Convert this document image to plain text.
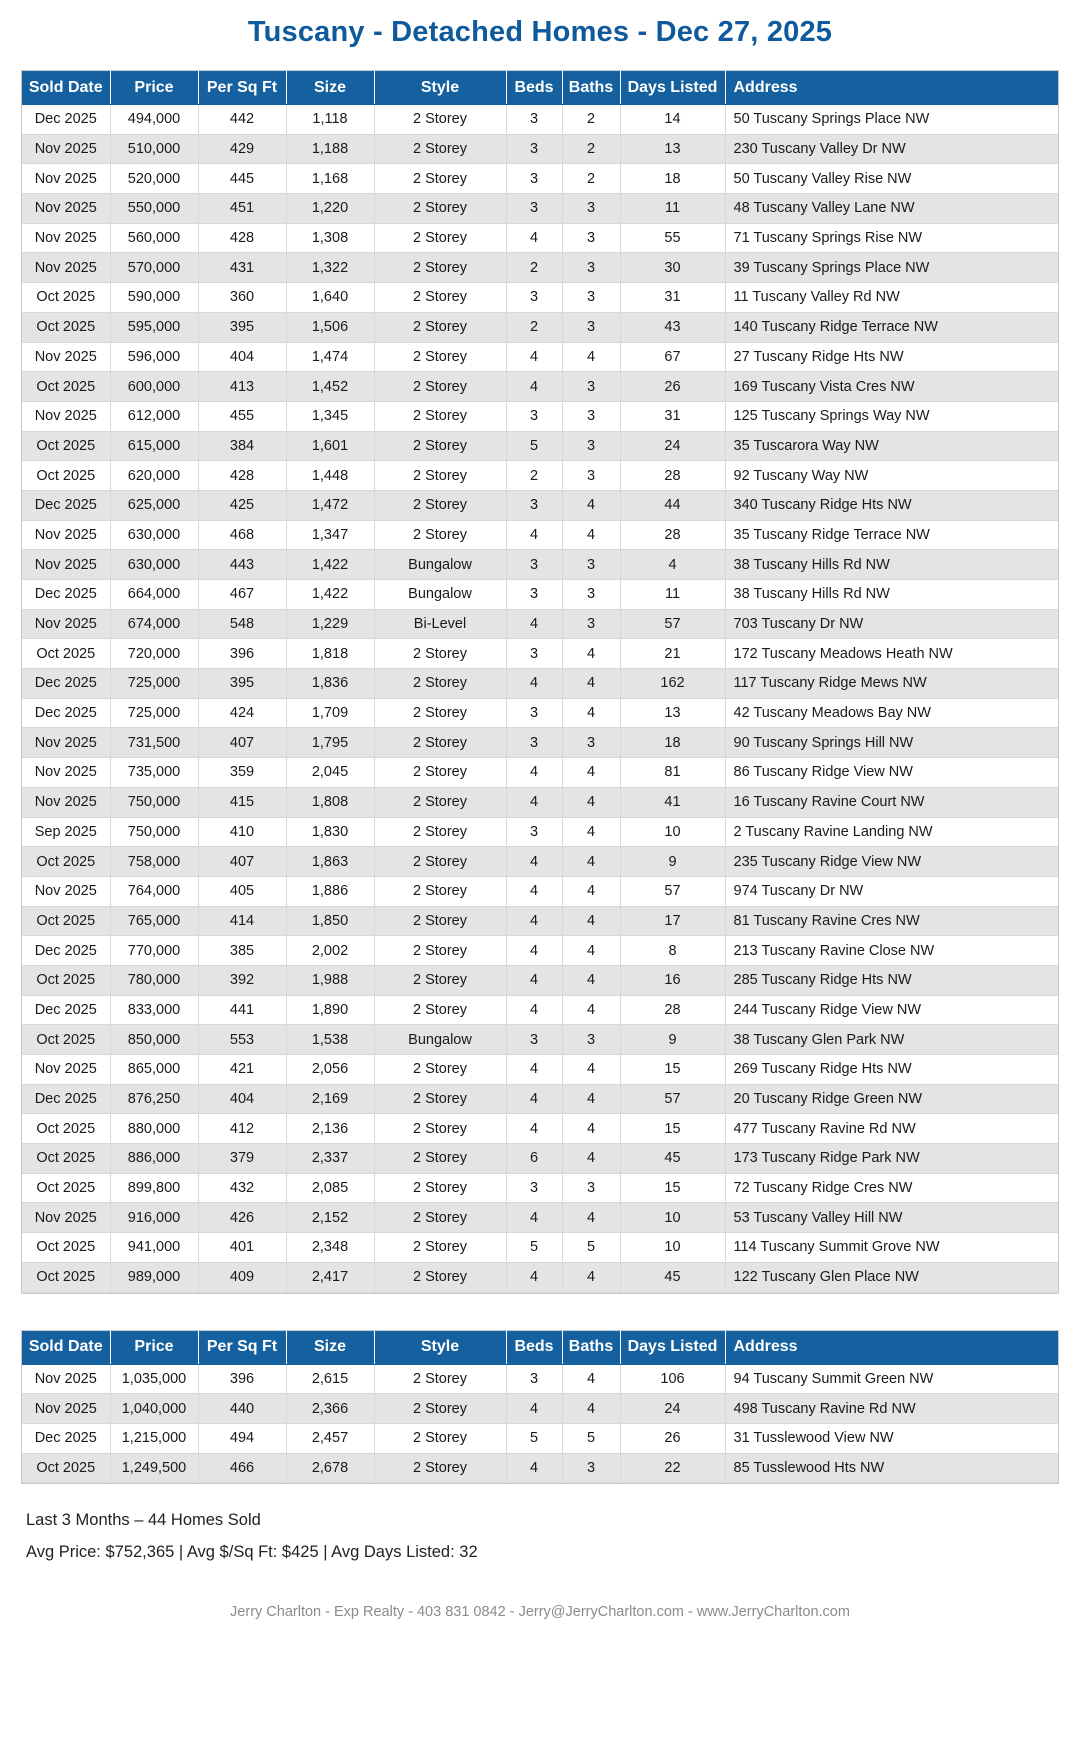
Tuscany - Detached Homes - Dec 27, 2025
Sold Date	Price	Per Sq Ft	Size	Style	Beds	Baths	Days Listed	Address
Dec 2025	494,000	442	1,118	2 Storey	3	2	14	50 Tuscany Springs Place NW
Nov 2025	510,000	429	1,188	2 Storey	3	2	13	230 Tuscany Valley Dr NW
Nov 2025	520,000	445	1,168	2 Storey	3	2	18	50 Tuscany Valley Rise NW
Nov 2025	550,000	451	1,220	2 Storey	3	3	11	48 Tuscany Valley Lane NW
Nov 2025	560,000	428	1,308	2 Storey	4	3	55	71 Tuscany Springs Rise NW
Nov 2025	570,000	431	1,322	2 Storey	2	3	30	39 Tuscany Springs Place NW
Oct 2025	590,000	360	1,640	2 Storey	3	3	31	11 Tuscany Valley Rd NW
Oct 2025	595,000	395	1,506	2 Storey	2	3	43	140 Tuscany Ridge Terrace NW
Nov 2025	596,000	404	1,474	2 Storey	4	4	67	27 Tuscany Ridge Hts NW
Oct 2025	600,000	413	1,452	2 Storey	4	3	26	169 Tuscany Vista Cres NW
Nov 2025	612,000	455	1,345	2 Storey	3	3	31	125 Tuscany Springs Way NW
Oct 2025	615,000	384	1,601	2 Storey	5	3	24	35 Tuscarora Way NW
Oct 2025	620,000	428	1,448	2 Storey	2	3	28	92 Tuscany Way NW
Dec 2025	625,000	425	1,472	2 Storey	3	4	44	340 Tuscany Ridge Hts NW
Nov 2025	630,000	468	1,347	2 Storey	4	4	28	35 Tuscany Ridge Terrace NW
Nov 2025	630,000	443	1,422	Bungalow	3	3	4	38 Tuscany Hills Rd NW
Dec 2025	664,000	467	1,422	Bungalow	3	3	11	38 Tuscany Hills Rd NW
Nov 2025	674,000	548	1,229	Bi-Level	4	3	57	703 Tuscany Dr NW
Oct 2025	720,000	396	1,818	2 Storey	3	4	21	172 Tuscany Meadows Heath NW
Dec 2025	725,000	395	1,836	2 Storey	4	4	162	117 Tuscany Ridge Mews NW
Dec 2025	725,000	424	1,709	2 Storey	3	4	13	42 Tuscany Meadows Bay NW
Nov 2025	731,500	407	1,795	2 Storey	3	3	18	90 Tuscany Springs Hill NW
Nov 2025	735,000	359	2,045	2 Storey	4	4	81	86 Tuscany Ridge View NW
Nov 2025	750,000	415	1,808	2 Storey	4	4	41	16 Tuscany Ravine Court NW
Sep 2025	750,000	410	1,830	2 Storey	3	4	10	2 Tuscany Ravine Landing NW
Oct 2025	758,000	407	1,863	2 Storey	4	4	9	235 Tuscany Ridge View NW
Nov 2025	764,000	405	1,886	2 Storey	4	4	57	974 Tuscany Dr NW
Oct 2025	765,000	414	1,850	2 Storey	4	4	17	81 Tuscany Ravine Cres NW
Dec 2025	770,000	385	2,002	2 Storey	4	4	8	213 Tuscany Ravine Close NW
Oct 2025	780,000	392	1,988	2 Storey	4	4	16	285 Tuscany Ridge Hts NW
Dec 2025	833,000	441	1,890	2 Storey	4	4	28	244 Tuscany Ridge View NW
Oct 2025	850,000	553	1,538	Bungalow	3	3	9	38 Tuscany Glen Park NW
Nov 2025	865,000	421	2,056	2 Storey	4	4	15	269 Tuscany Ridge Hts NW
Dec 2025	876,250	404	2,169	2 Storey	4	4	57	20 Tuscany Ridge Green NW
Oct 2025	880,000	412	2,136	2 Storey	4	4	15	477 Tuscany Ravine Rd NW
Oct 2025	886,000	379	2,337	2 Storey	6	4	45	173 Tuscany Ridge Park NW
Oct 2025	899,800	432	2,085	2 Storey	3	3	15	72 Tuscany Ridge Cres NW
Nov 2025	916,000	426	2,152	2 Storey	4	4	10	53 Tuscany Valley Hill NW
Oct 2025	941,000	401	2,348	2 Storey	5	5	10	114 Tuscany Summit Grove NW
Oct 2025	989,000	409	2,417	2 Storey	4	4	45	122 Tuscany Glen Place NW
Sold Date	Price	Per Sq Ft	Size	Style	Beds	Baths	Days Listed	Address
Nov 2025	1,035,000	396	2,615	2 Storey	3	4	106	94 Tuscany Summit Green NW
Nov 2025	1,040,000	440	2,366	2 Storey	4	4	24	498 Tuscany Ravine Rd NW
Dec 2025	1,215,000	494	2,457	2 Storey	5	5	26	31 Tusslewood View NW
Oct 2025	1,249,500	466	2,678	2 Storey	4	3	22	85 Tusslewood Hts NW
Last 3 Months – 44 Homes Sold
Avg Price: $752,365 | Avg $/Sq Ft: $425 | Avg Days Listed: 32
Jerry Charlton - Exp Realty - 403 831 0842 - Jerry@JerryCharlton.com - www.JerryCharlton.com
